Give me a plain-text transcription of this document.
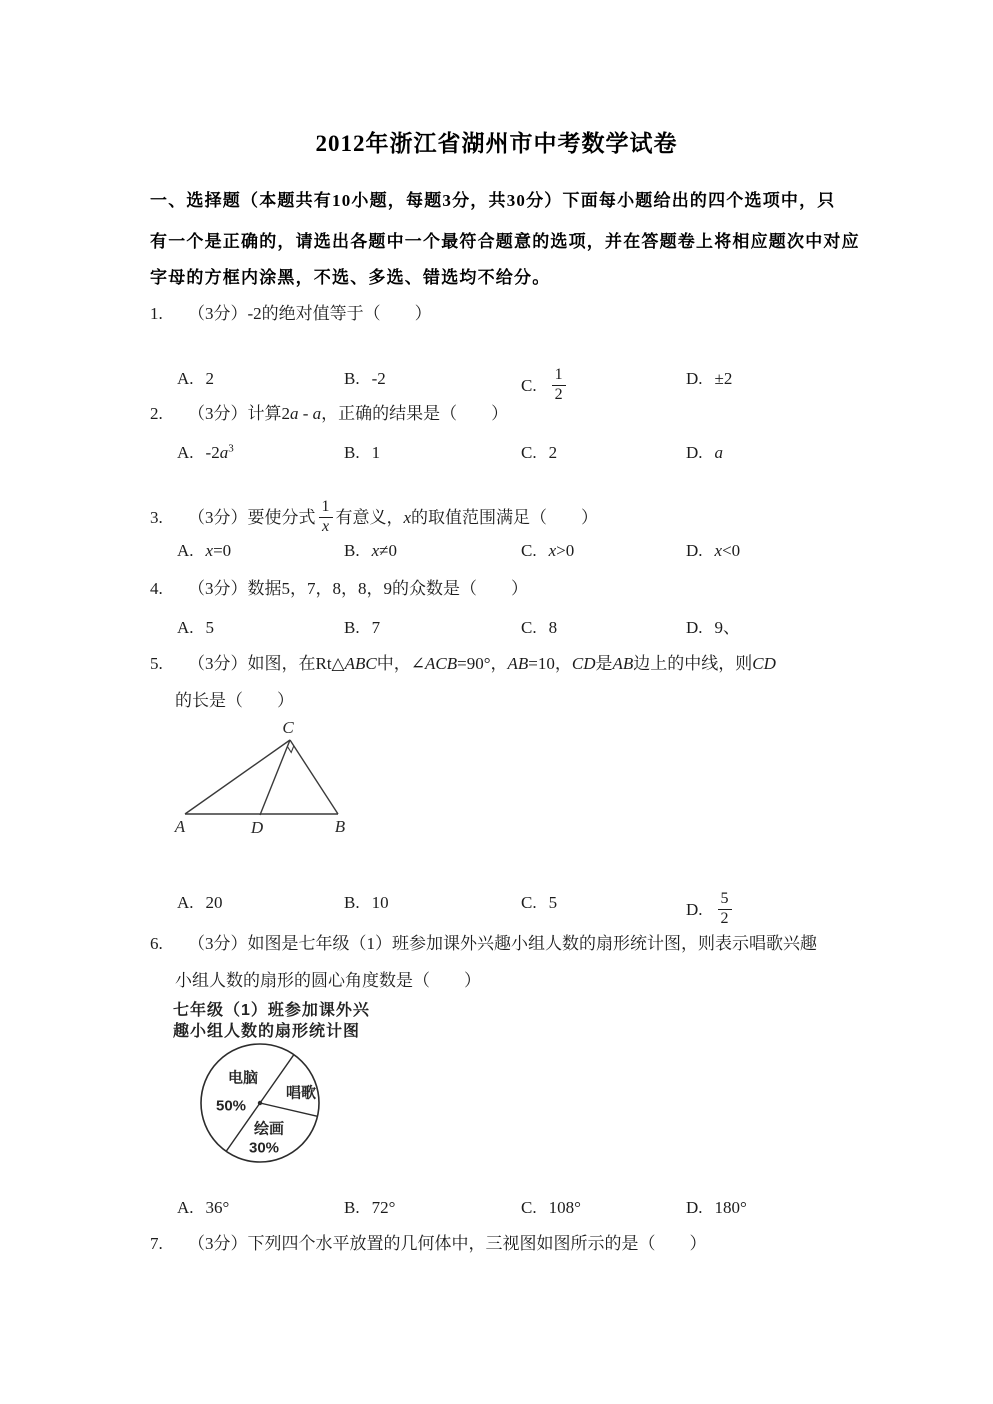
2012年浙江省湖州市中考数学试卷
一、选择题（本题共有10小题，每题3分，共30分）下面每小题给出的四个选项中，只
有一个是正确的，请选出各题中一个最符合题意的选项，并在答题卷上将相应题次中对应
字母的方框内涂黑，不选、多选、错选均不给分。
1. （3分）-2的绝对值等于（　　）
A. 2	B. -2	C. $\frac{1}{2}$	D. ±2
2. （3分）计算2a - a，正确的结果是（　　）
A. $-2a^3$	B. 1	C. 2	D. a
3. （3分）要使分式 $\frac{1}{x}$ 有意义，x的取值范围满足（　　）
A. x=0	B. x≠0	C. x>0	D. x<0
4. （3分）数据5，7，8，8，9的众数是（　　）
A. 5	B. 7	C. 8	D. 9、
5. （3分）如图，在Rt△ABC中，∠ACB=90°，AB=10，CD是AB边上的中线，则CD
的长是（　　）
C
A	D	B
A. 20	B. 10	C. 5	D. $\frac{5}{2}$
6. （3分）如图是七年级（1）班参加课外兴趣小组人数的扇形统计图，则表示唱歌兴趣
小组人数的扇形的圆心角度数是（　　）
七年级（1）班参加课外兴
趣小组人数的扇形统计图
电脑
50%
唱歌
绘画
30%
A. 36°	B. 72°	C. 108°	D. 180°
7. （3分）下列四个水平放置的几何体中，三视图如图所示的是（　　）
